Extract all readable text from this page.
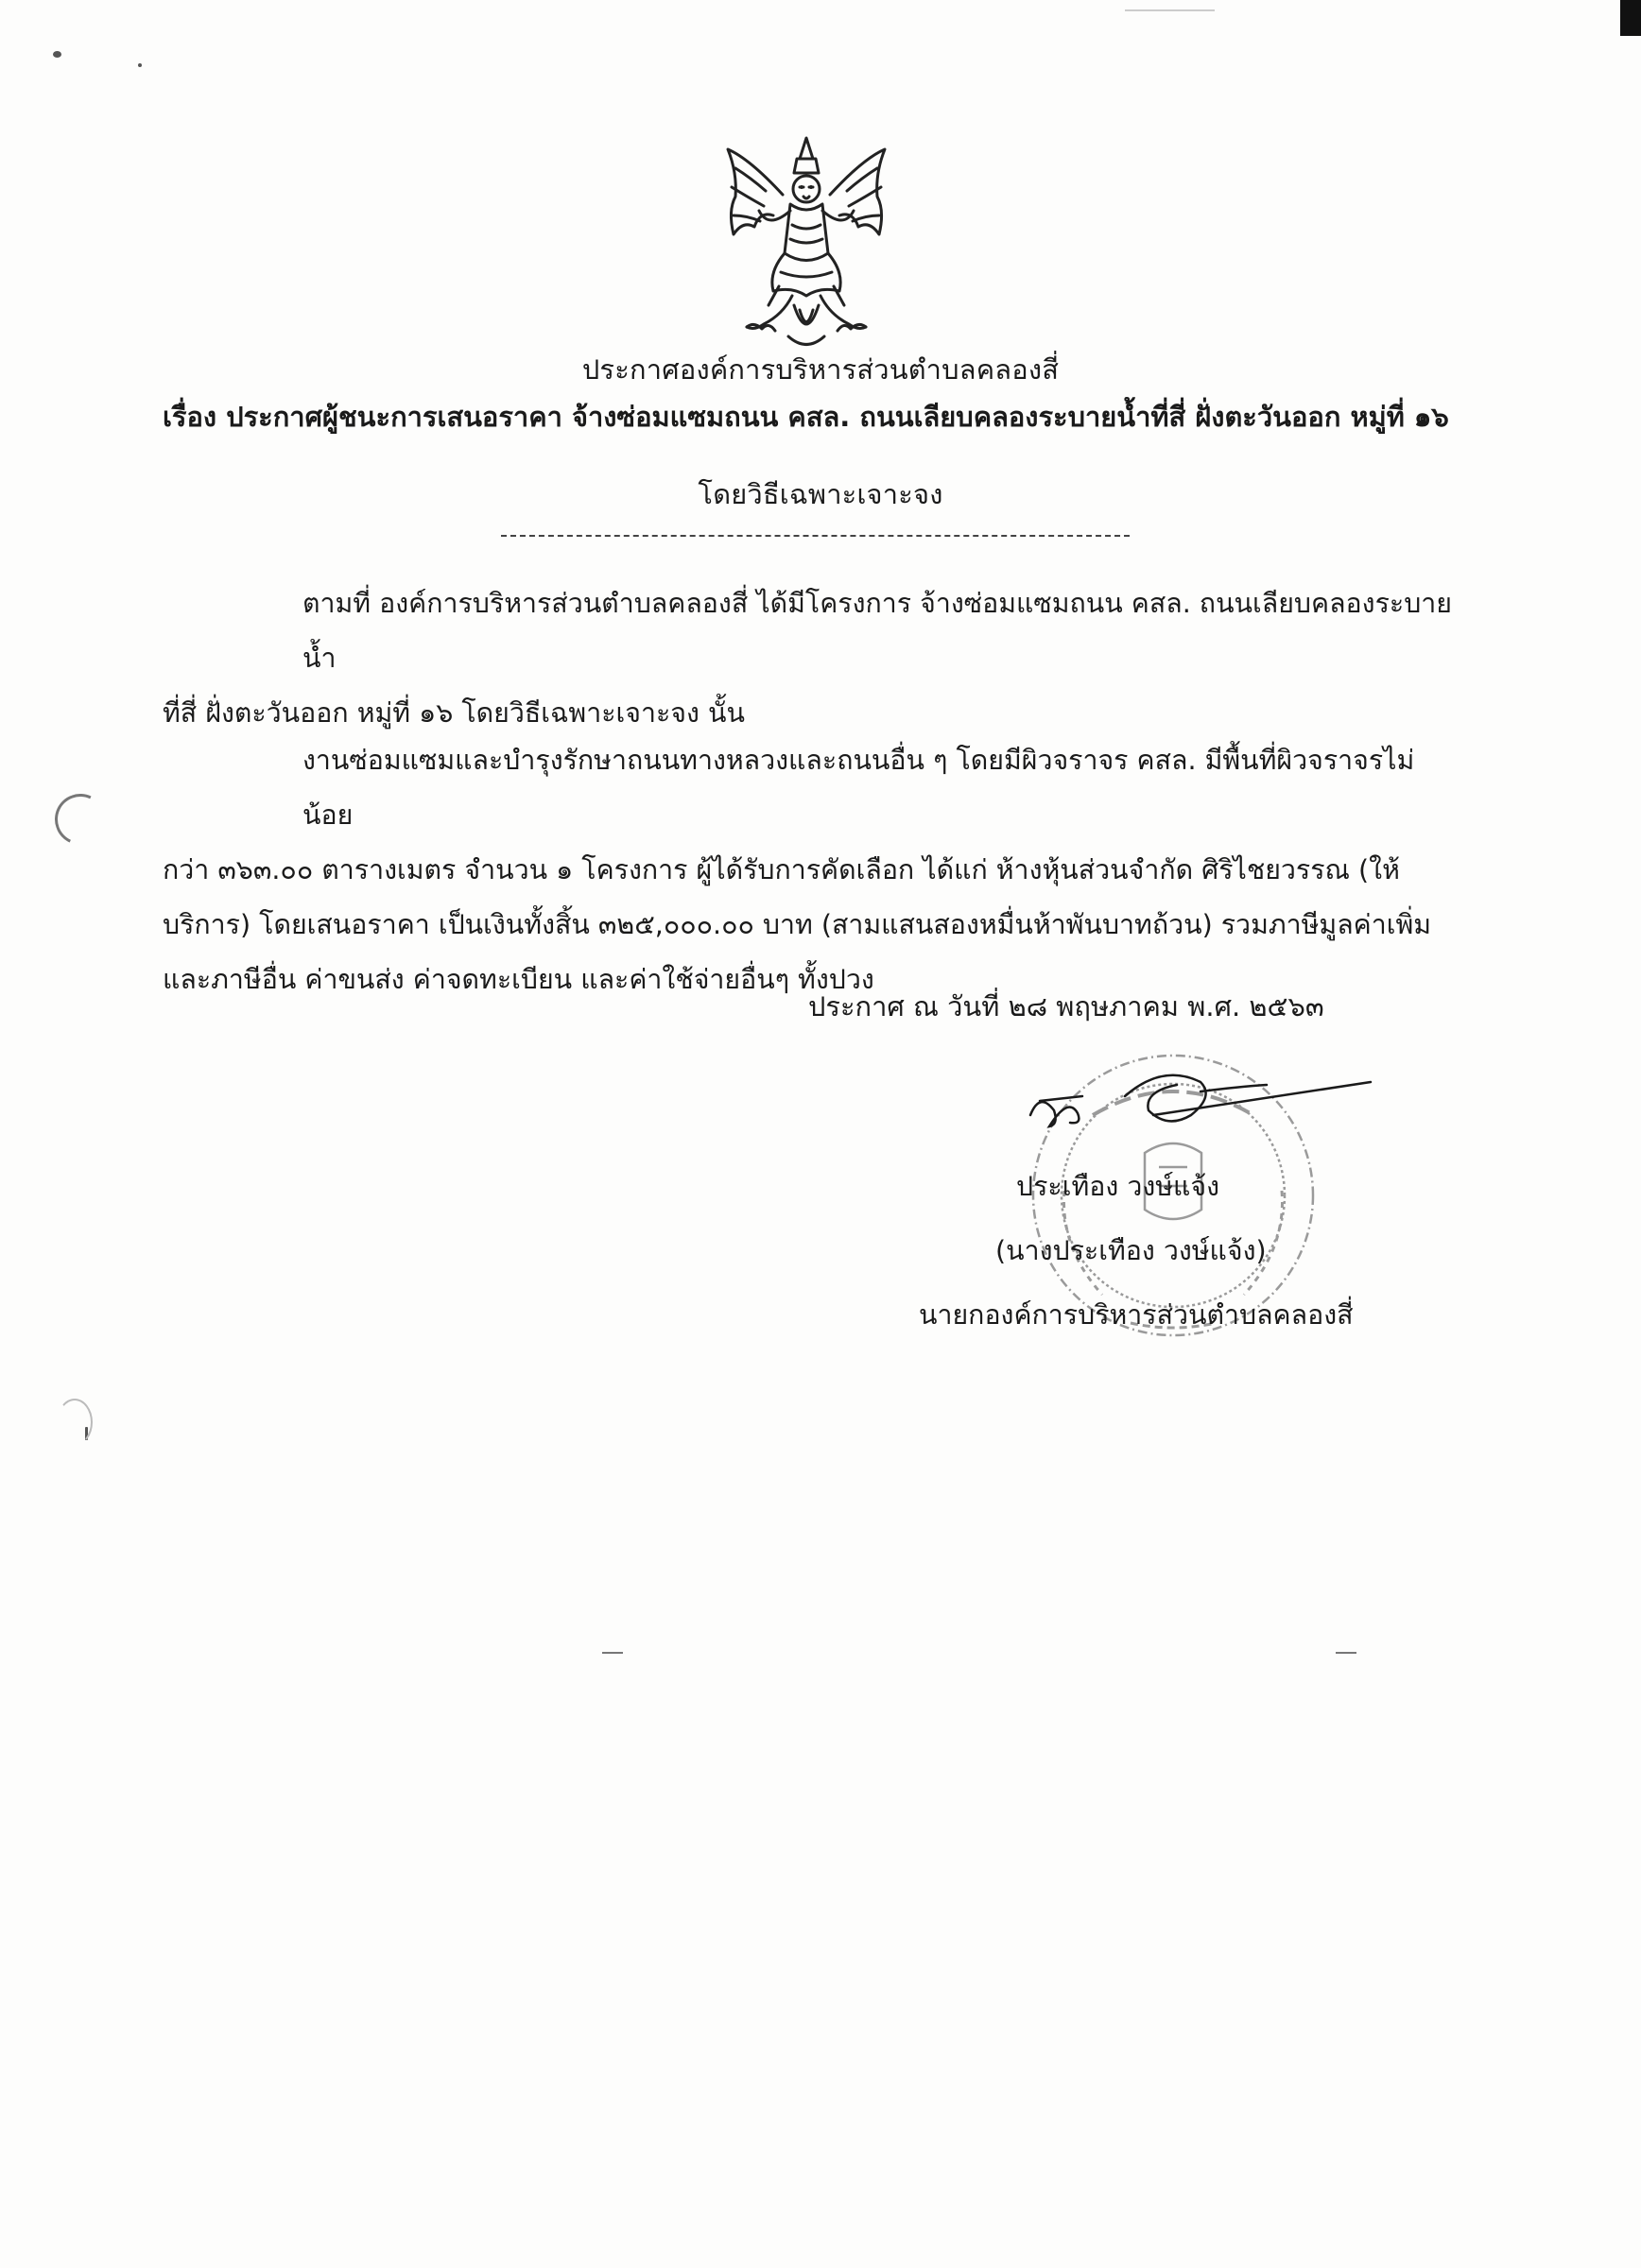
ประกาศองค์การบริหารส่วนตำบลคลองสี่
เรื่อง ประกาศผู้ชนะการเสนอราคา จ้างซ่อมแซมถนน คสล. ถนนเลียบคลองระบายน้ำที่สี่ ฝั่งตะวันออก หมู่ที่ ๑๖
โดยวิธีเฉพาะเจาะจง
ตามที่ องค์การบริหารส่วนตำบลคลองสี่ ได้มีโครงการ จ้างซ่อมแซมถนน คสล. ถนนเลียบคลองระบายน้ำ
ที่สี่ ฝั่งตะวันออก หมู่ที่ ๑๖ โดยวิธีเฉพาะเจาะจง นั้น
งานซ่อมแซมและบำรุงรักษาถนนทางหลวงและถนนอื่น ๆ โดยมีผิวจราจร คสล. มีพื้นที่ผิวจราจรไม่น้อย
กว่า ๓๖๓.๐๐ ตารางเมตร จำนวน ๑ โครงการ ผู้ได้รับการคัดเลือก ได้แก่ ห้างหุ้นส่วนจำกัด ศิริไชยวรรณ (ให้
บริการ) โดยเสนอราคา เป็นเงินทั้งสิ้น ๓๒๕,๐๐๐.๐๐ บาท (สามแสนสองหมื่นห้าพันบาทถ้วน) รวมภาษีมูลค่าเพิ่ม
และภาษีอื่น ค่าขนส่ง ค่าจดทะเบียน และค่าใช้จ่ายอื่นๆ ทั้งปวง
ประกาศ ณ วันที่ ๒๘ พฤษภาคม พ.ศ. ๒๕๖๓
ประเทือง วงษ์แจ้ง
(นางประเทือง วงษ์แจ้ง)
นายกองค์การบริหารส่วนตำบลคลองสี่
